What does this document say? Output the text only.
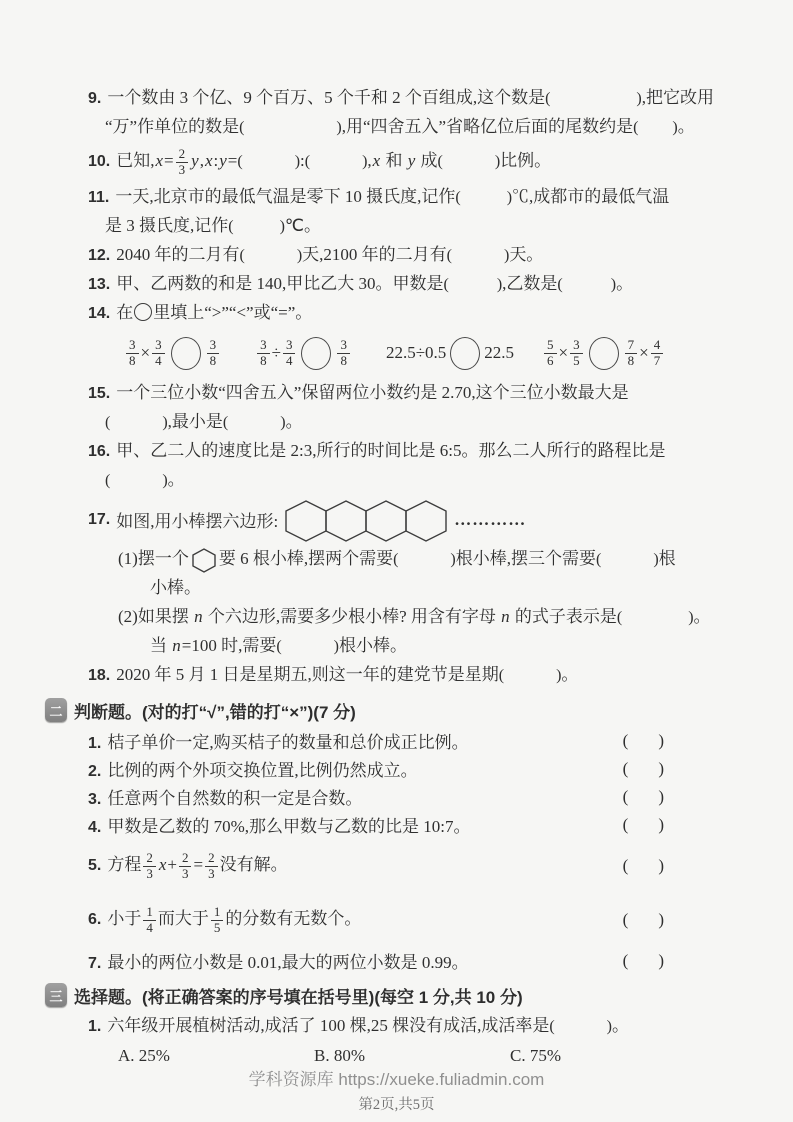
9. 一个数由 3 个亿、9 个百万、5 个千和 2 个百组成,这个数是(	),把它改用
“万”作单位的数是(	),用“四舍五入”省略亿位后面的尾数约是( )。
10. 已知$,x= \frac{2}{3}$ y,x:y=(	):(	),x 和 y 成(	)比例。
11. 一天,北京市的最低气温是零下 10 摄氏度,记作(	)℃,成都市的最低气温
是 3 摄氏度,记作(	)℃。
12. 2040 年的二月有(	)天,2100 年的二月有(	)天。
13. 甲、乙两数的和是 140,甲比乙大 30。甲数是(	),乙数是(	)。
14. 在 里填上“>”“<”或“=”。
$\frac{3}{8} \times \frac{3}{4}$	$\frac{3}{8}$	$\frac{3}{8} \div \frac{3}{4}$	$\frac{3}{8} 22.5\div 0.5$ $22.5 \frac{5}{6} \times \frac{3}{5}$	$\frac{7}{8} \times \frac{4}{7}$
15. 一个三位小数“四舍五入”保留两位小数约是 2.70,这个三位小数最大是
(	),最小是(	)。
16. 甲、乙二人的速度比是 2:3,所行的时间比是 6:5。那么二人所行的路程比是
(	)。
17. 如图,用小棒摆六边形:	…………
(1)摆一个 要 6 根小棒,摆两个需要(	)根小棒,摆三个需要(	)根
小棒。
(2)如果摆 n 个六边形,需要多少根小棒? 用含有字母 n 的式子表示是(	)。
当 n=100 时,需要(	)根小棒。
18. 2020 年 5 月 1 日是星期五,则这一年的建党节是星期(	)。
二 判断题。(对的打“√”,错的打“×”)(7 分)
1. 桔子单价一定,购买桔子的数量和总价成正比例。	( )
2. 比例的两个外项交换位置,比例仍然成立。	( )
3. 任意两个自然数的积一定是合数。	( )
4. 甲数是乙数的 70%,那么甲数与乙数的比是 10:7。	( )
5. 方程 $\frac{2}{3} x+ \frac{2}{3} = \frac{2}{3}$ 没有解。	( )
6. 小于 $\frac{1}{4}$ 而大于 $\frac{1}{5}$ 的分数有无数个。	( )
7. 最小的两位小数是 0.01,最大的两位小数是 0.99。	( )
三 选择题。(将正确答案的序号填在括号里)(每空 1 分,共 10 分)
1. 六年级开展植树活动,成活了 100 棵,25 棵没有成活,成活率是(	)。
A. 25%	B. 80%	C. 75%
学科资源库 https://xueke.fuliadmin.com
第2页,共5页
